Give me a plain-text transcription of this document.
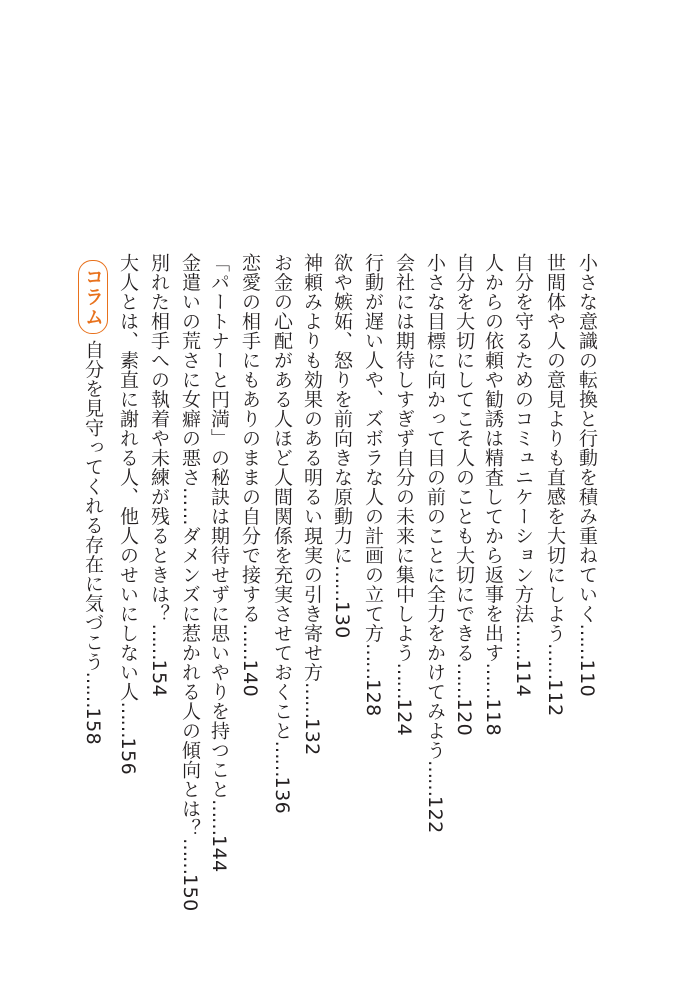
小さな意識の転換と行動を積み重ねていく……110
世間体や人の意見よりも直感を大切にしよう……112
自分を守るためのコミュニケーション方法……114
人からの依頼や勧誘は精査してから返事を出す……118
自分を大切にしてこそ人のことも大切にできる……120
小さな目標に向かって目の前のことに全力をかけてみよう……122
会社には期待しすぎず自分の未来に集中しよう……124
行動が遅い人や、ズボラな人の計画の立て方……128
欲や嫉妬、怒りを前向きな原動力に……130
神頼みよりも効果のある明るい現実の引き寄せ方……132
お金の心配がある人ほど人間関係を充実させておくこと……136
恋愛の相手にもありのままの自分で接する……140
「パートナーと円満」の秘訣は期待せずに思いやりを持つこと……144
金遣いの荒さに女癖の悪さ……ダメンズに惹かれる人の傾向とは？……150
別れた相手への執着や未練が残るときは？……154
大人とは、素直に謝れる人、他人のせいにしない人……156
コラム自分を見守ってくれる存在に気づこう……158
